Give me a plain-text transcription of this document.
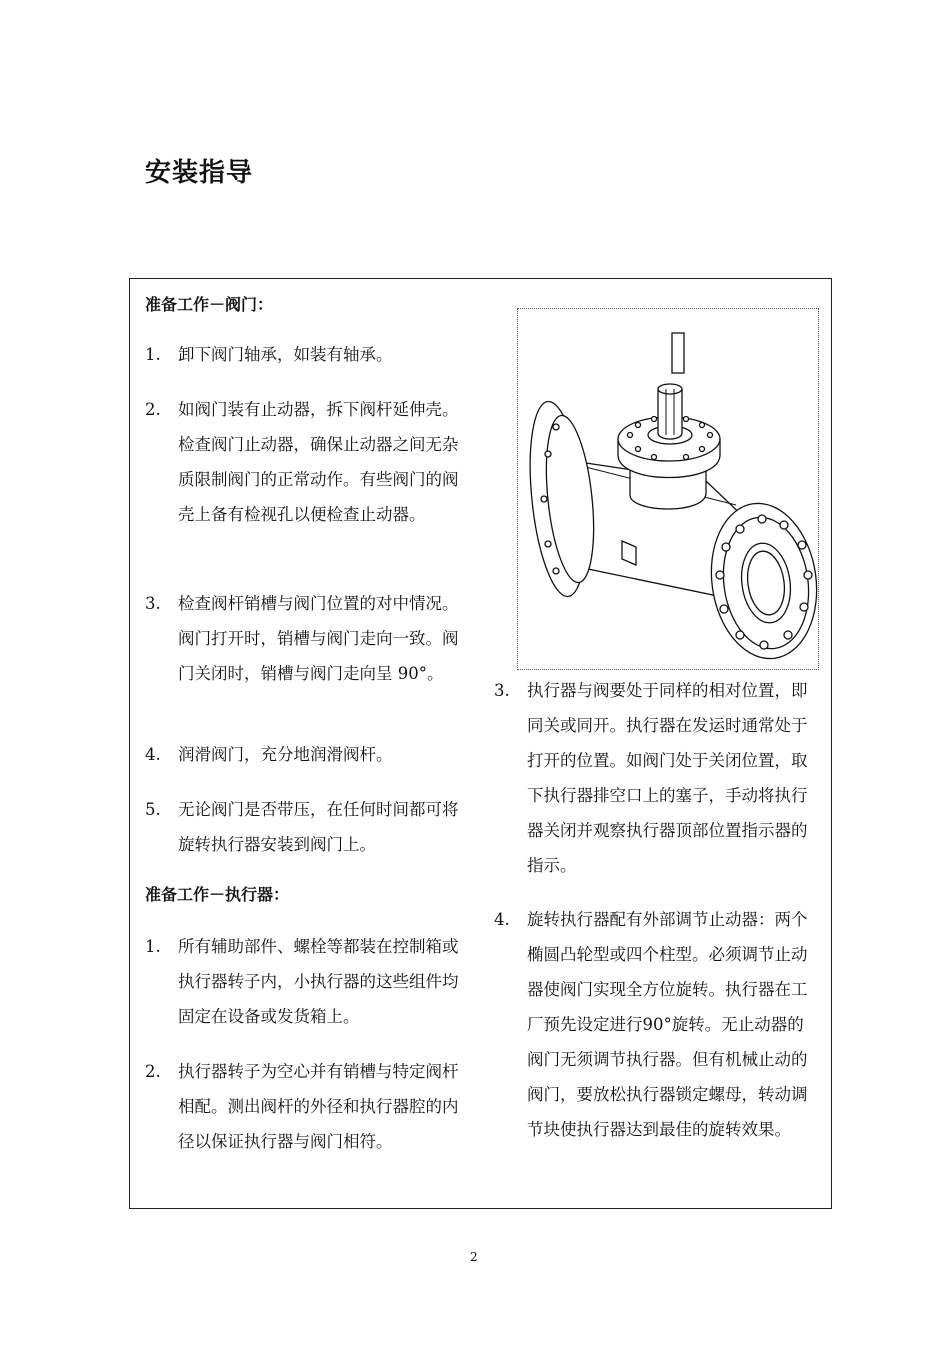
安装指导
准备工作－阀门：
1. 卸下阀门轴承，如装有轴承。
2. 如阀门装有止动器，拆下阀杆延伸壳。检查阀门止动器，确保止动器之间无杂质限制阀门的正常动作。有些阀门的阀壳上备有检视孔以便检查止动器。
3. 检查阀杆销槽与阀门位置的对中情况。阀门打开时，销槽与阀门走向一致。阀门关闭时，销槽与阀门走向呈 90°。
4. 润滑阀门，充分地润滑阀杆。
5. 无论阀门是否带压，在任何时间都可将旋转执行器安装到阀门上。
准备工作－执行器：
1. 所有辅助部件、螺栓等都装在控制箱或执行器转子内，小执行器的这些组件均固定在设备或发货箱上。
2. 执行器转子为空心并有销槽与特定阀杆相配。测出阀杆的外径和执行器腔的内径以保证执行器与阀门相符。
3. 执行器与阀要处于同样的相对位置，即同关或同开。执行器在发运时通常处于打开的位置。如阀门处于关闭位置，取下执行器排空口上的塞子，手动将执行器关闭并观察执行器顶部位置指示器的指示。
4. 旋转执行器配有外部调节止动器：两个椭圆凸轮型或四个柱型。必须调节止动器使阀门实现全方位旋转。执行器在工厂预先设定进行90°旋转。无止动器的阀门无须调节执行器。但有机械止动的阀门，要放松执行器锁定螺母，转动调节块使执行器达到最佳的旋转效果。
2
